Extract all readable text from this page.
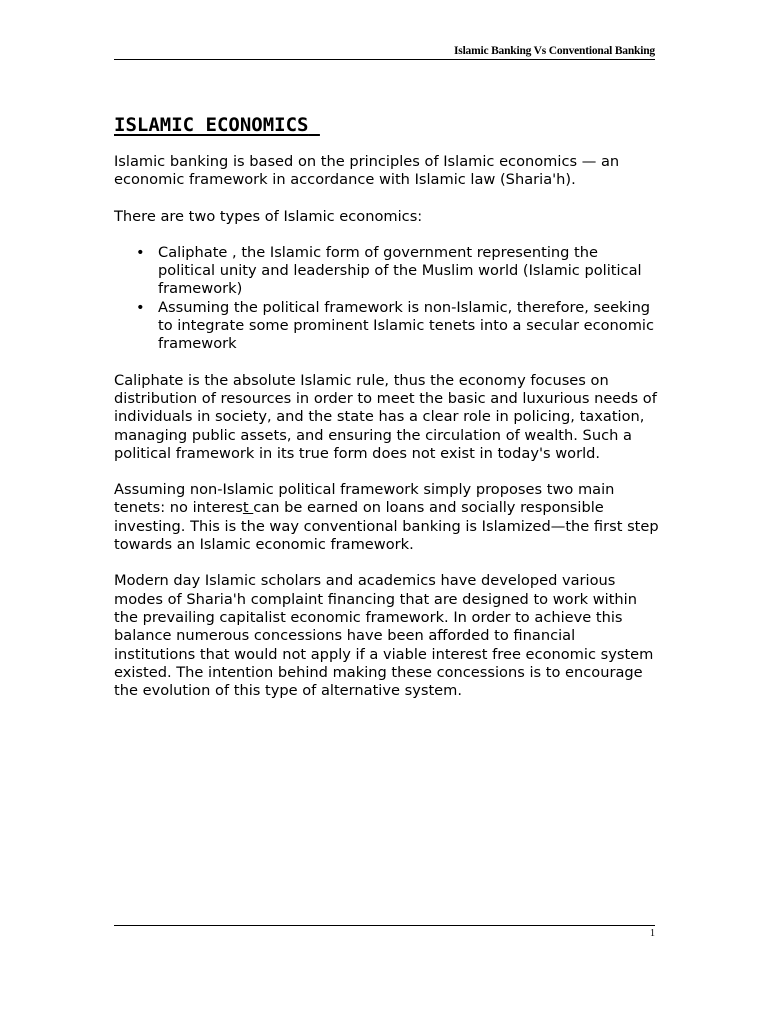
Islamic Banking Vs Conventional Banking
ISLAMIC ECONOMICS

Islamic banking is based on the principles of Islamic economics — an economic framework in accordance with Islamic law (Sharia'h).

There are two types of Islamic economics:

• Caliphate , the Islamic form of government representing the political unity and leadership of the Muslim world (Islamic political framework)
• Assuming the political framework is non-Islamic, therefore, seeking to integrate some prominent Islamic tenets into a secular economic framework

Caliphate is the absolute Islamic rule, thus the economy focuses on distribution of resources in order to meet the basic and luxurious needs of individuals in society, and the state has a clear role in policing, taxation, managing public assets, and ensuring the circulation of wealth. Such a political framework in its true form does not exist in today's world.

Assuming non-Islamic political framework simply proposes two main tenets: no interest can be earned on loans and socially responsible investing. This is the way conventional banking is Islamized—the first step towards an Islamic economic framework.

Modern day Islamic scholars and academics have developed various modes of Sharia'h complaint financing that are designed to work within the prevailing capitalist economic framework. In order to achieve this balance numerous concessions have been afforded to financial institutions that would not apply if a viable interest free economic system existed. The intention behind making these concessions is to encourage the evolution of this type of alternative system.

1
